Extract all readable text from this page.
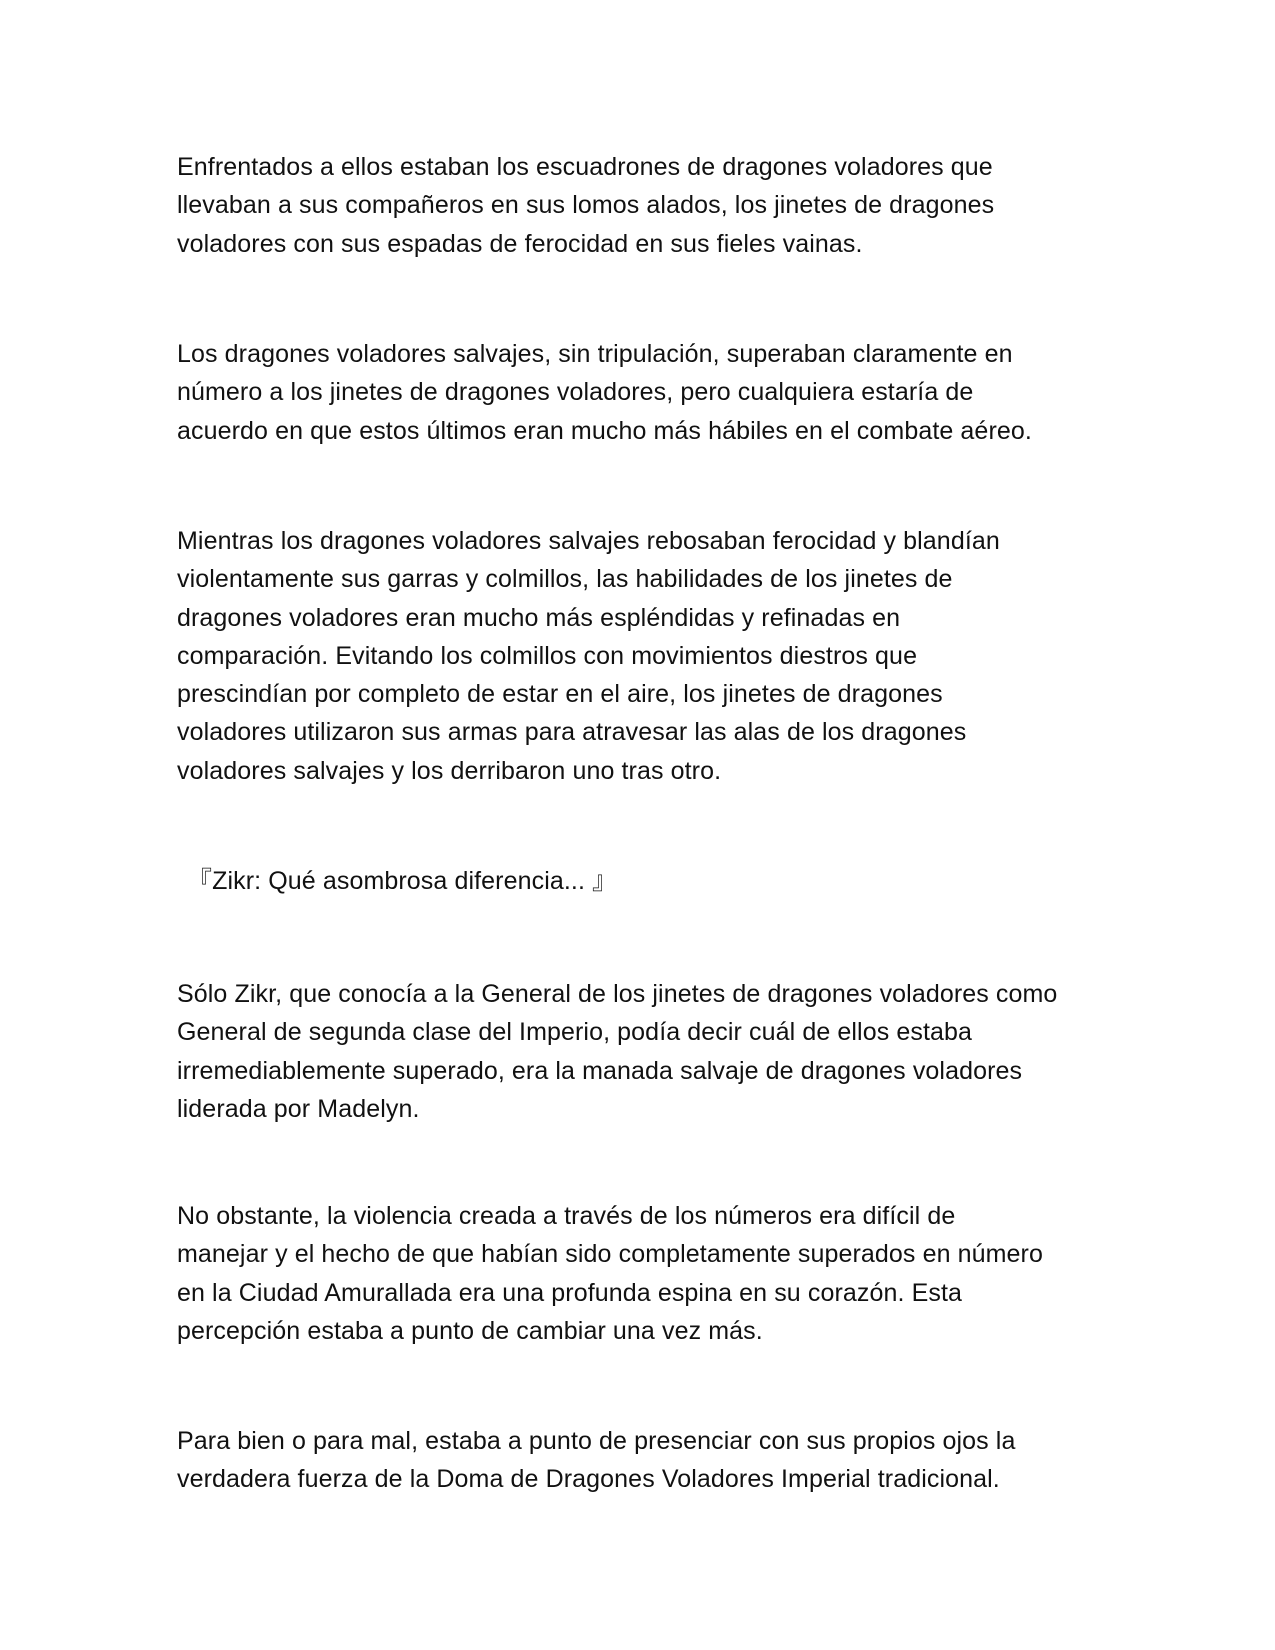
Enfrentados a ellos estaban los escuadrones de dragones voladores que
llevaban a sus compañeros en sus lomos alados, los jinetes de dragones
voladores con sus espadas de ferocidad en sus fieles vainas.

Los dragones voladores salvajes, sin tripulación, superaban claramente en
número a los jinetes de dragones voladores, pero cualquiera estaría de
acuerdo en que estos últimos eran mucho más hábiles en el combate aéreo.

Mientras los dragones voladores salvajes rebosaban ferocidad y blandían
violentamente sus garras y colmillos, las habilidades de los jinetes de
dragones voladores eran mucho más espléndidas y refinadas en
comparación. Evitando los colmillos con movimientos diestros que
prescindían por completo de estar en el aire, los jinetes de dragones
voladores utilizaron sus armas para atravesar las alas de los dragones
voladores salvajes y los derribaron uno tras otro.

『Zikr: Qué asombrosa diferencia... 』

Sólo Zikr, que conocía a la General de los jinetes de dragones voladores como
General de segunda clase del Imperio, podía decir cuál de ellos estaba
irremediablemente superado, era la manada salvaje de dragones voladores
liderada por Madelyn.

No obstante, la violencia creada a través de los números era difícil de
manejar y el hecho de que habían sido completamente superados en número
en la Ciudad Amurallada era una profunda espina en su corazón. Esta
percepción estaba a punto de cambiar una vez más.

Para bien o para mal, estaba a punto de presenciar con sus propios ojos la
verdadera fuerza de la Doma de Dragones Voladores Imperial tradicional.
